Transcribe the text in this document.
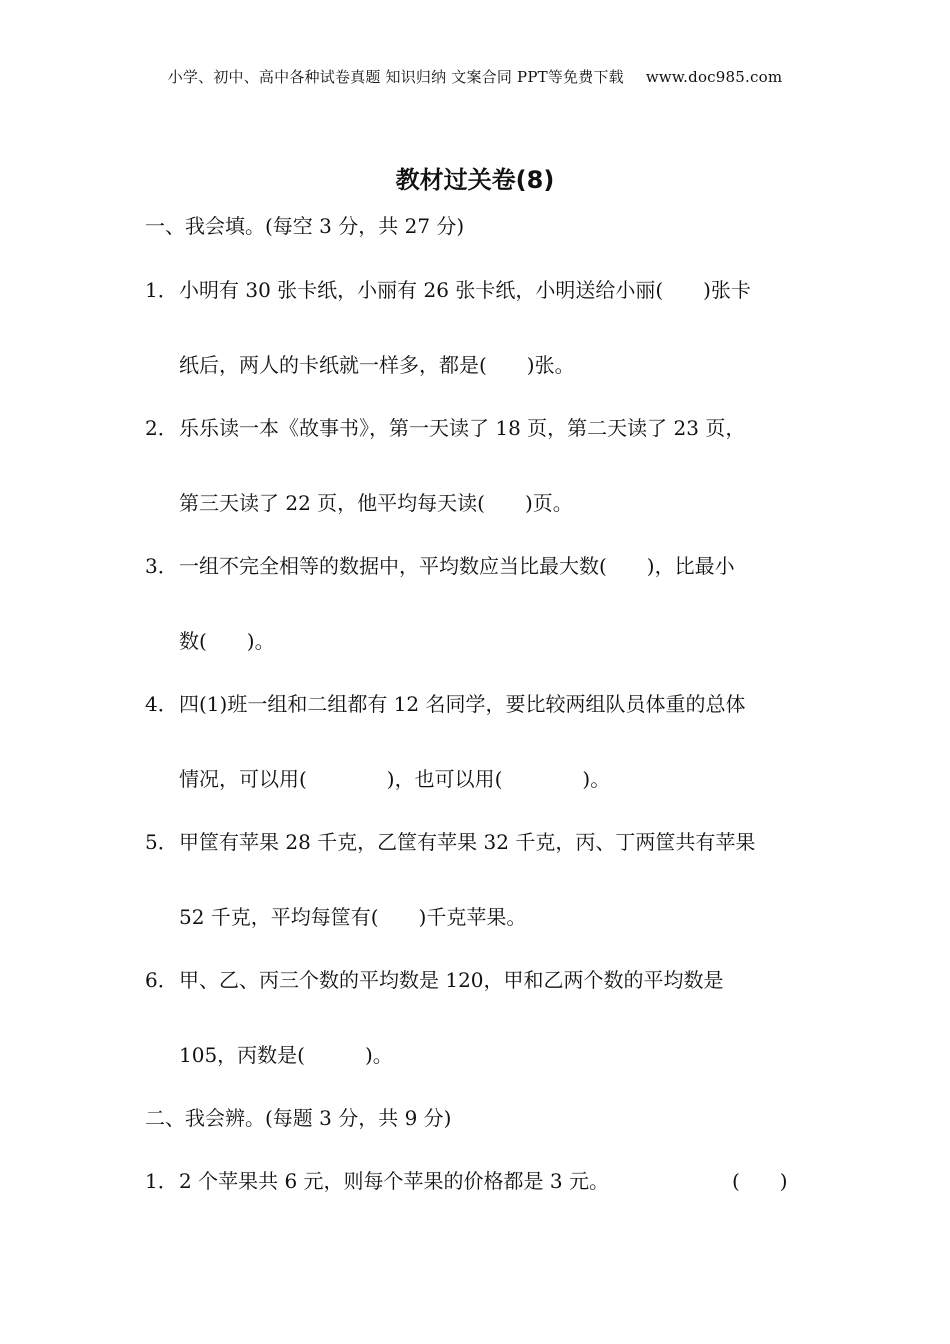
小学、初中、高中各种试卷真题 知识归纳 文案合同 PPT等免费下载 www.doc985.com
教材过关卷(8)
一、我会填。(每空 3 分，共 27 分)
1．小明有 30 张卡纸，小丽有 26 张卡纸，小明送给小丽(　　)张卡
纸后，两人的卡纸就一样多，都是(　　)张。
2．乐乐读一本《故事书》，第一天读了 18 页，第二天读了 23 页，
第三天读了 22 页，他平均每天读(　　)页。
3．一组不完全相等的数据中，平均数应当比最大数(　　)，比最小
数(　　)。
4．四(1)班一组和二组都有 12 名同学，要比较两组队员体重的总体
情况，可以用(　　　　)，也可以用(　　　　)。
5．甲筐有苹果 28 千克，乙筐有苹果 32 千克，丙、丁两筐共有苹果
52 千克，平均每筐有(　　)千克苹果。
6．甲、乙、丙三个数的平均数是 120，甲和乙两个数的平均数是
105，丙数是(　　　)。
二、我会辨。(每题 3 分，共 9 分)
1．2 个苹果共 6 元，则每个苹果的价格都是 3 元。	(　　)
